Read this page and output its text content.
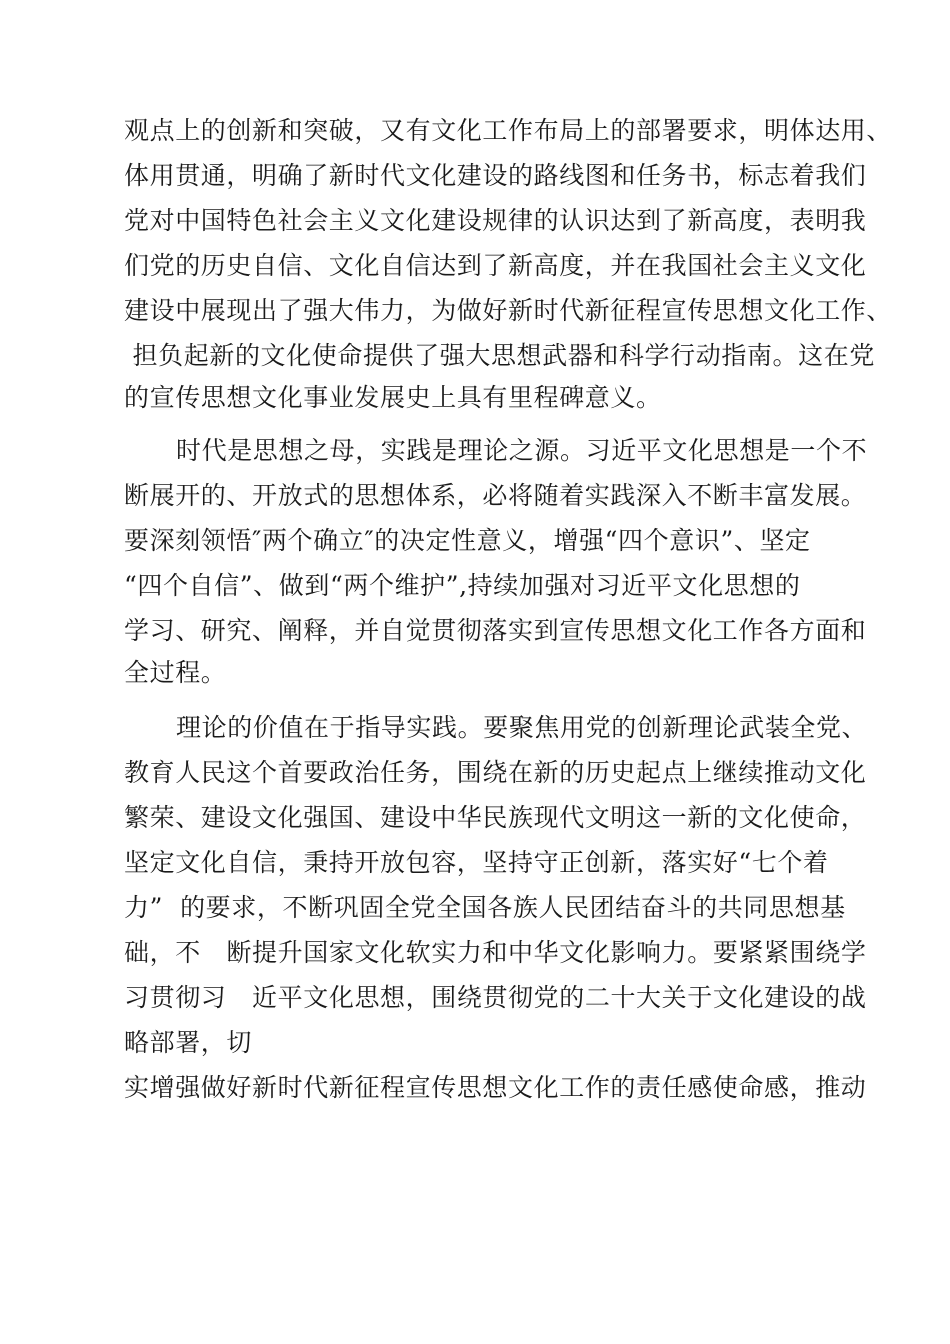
观点上的创新和突破，又有文化工作布局上的部署要求，明体达用、
体用贯通，明确了新时代文化建设的路线图和任务书，标志着我们
党对中国特色社会主义文化建设规律的认识达到了新高度，表明我
们党的历史自信、文化自信达到了新高度，并在我国社会主义文化
建设中展现出了强大伟力，为做好新时代新征程宣传思想文化工作、
担负起新的文化使命提供了强大思想武器和科学行动指南。这在党
的宣传思想文化事业发展史上具有里程碑意义。
时代是思想之母，实践是理论之源。习近平文化思想是一个不
断展开的、开放式的思想体系，必将随着实践深入不断丰富发展。
要深刻领悟″两个确立″的决定性意义，增强“四个意识”、坚定
“四个自信”、做到“两个维护”,持续加强对习近平文化思想的
学习、研究、阐释，并自觉贯彻落实到宣传思想文化工作各方面和
全过程。
理论的价值在于指导实践。要聚焦用党的创新理论武装全党、
教育人民这个首要政治任务，围绕在新的历史起点上继续推动文化
繁荣、建设文化强国、建设中华民族现代文明这一新的文化使命，
坚定文化自信，秉持开放包容，坚持守正创新，落实好“七个着
力”  的要求，不断巩固全党全国各族人民团结奋斗的共同思想基
础，不   断提升国家文化软实力和中华文化影响力。要紧紧围绕学
习贯彻习   近平文化思想，围绕贯彻党的二十大关于文化建设的战
略部署，切
实增强做好新时代新征程宣传思想文化工作的责任感使命感，推动
